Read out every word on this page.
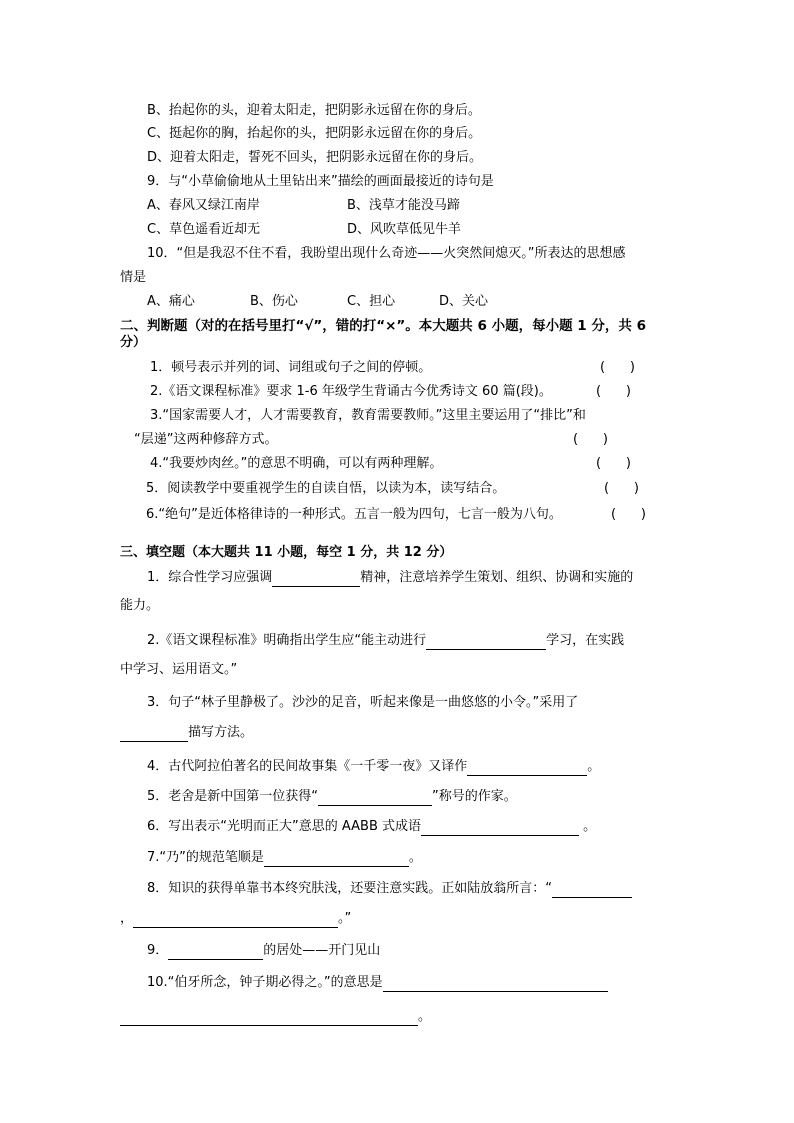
B、抬起你的头，迎着太阳走，把阴影永远留在你的身后。
C、挺起你的胸，抬起你的头，把阴影永远留在你的身后。
D、迎着太阳走，誓死不回头，把阴影永远留在你的身后。
9．与“小草偷偷地从土里钻出来”描绘的画面最接近的诗句是
A、春风又绿江南岸	B、浅草才能没马蹄
C、草色遥看近却无	D、风吹草低见牛羊
10．“但是我忍不住不看，我盼望出现什么奇迹——火突然间熄灭。”所表达的思想感
情是
A、痛心	B、伤心	C、担心	D、关心
二、判断题（对的在括号里打“√”，错的打“×”。本大题共 6 小题，每小题 1 分，共 6
分）
1．顿号表示并列的词、词组或句子之间的停顿。	(      )
2.《语文课程标准》要求 1-6 年级学生背诵古今优秀诗文 60 篇(段)。	(      )
3.“国家需要人才，人才需要教育，教育需要教师。”这里主要运用了“排比”和
“层递”这两种修辞方式。	(      )
4.“我要炒肉丝。”的意思不明确，可以有两种理解。	(      )
5．阅读教学中要重视学生的自读自悟，以读为本，读写结合。	(      )
6.“绝句”是近体格律诗的一种形式。五言一般为四句，七言一般为八句。	(      )
三、填空题（本大题共 11 小题，每空 1 分，共 12 分）
1．综合性学习应强调	精神，注意培养学生策划、组织、协调和实施的
能力。
2.《语文课程标准》明确指出学生应“能主动进行	学习，在实践
中学习、运用语文。”
3．句子“林子里静极了。沙沙的足音，听起来像是一曲悠悠的小令。”采用了
描写方法。
4．古代阿拉伯著名的民间故事集《一千零一夜》又译作	。
5．老舍是新中国第一位获得“	”称号的作家。
6．写出表示“光明而正大”意思的 AABB 式成语	。
7.“乃”的规范笔顺是	。
8．知识的获得单靠书本终究肤浅，还要注意实践。正如陆放翁所言：“
，	。”
9．	的居处——开门见山
10.“伯牙所念，钟子期必得之。”的意思是
。
